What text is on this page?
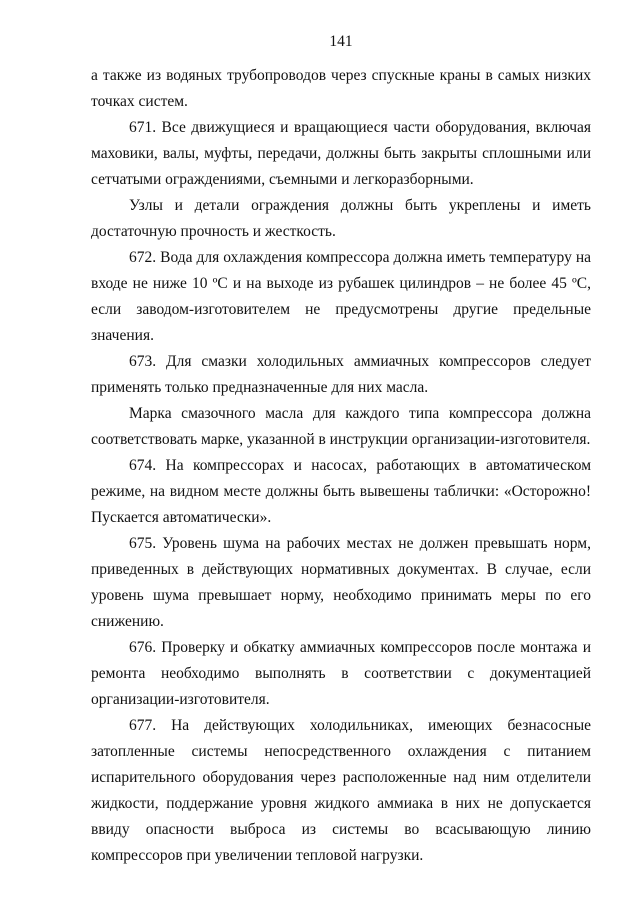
141

а также из водяных трубопроводов через спускные краны в самых низких точках систем.

671. Все движущиеся и вращающиеся части оборудования, включая маховики, валы, муфты, передачи, должны быть закрыты сплошными или сетчатыми ограждениями, съемными и легкоразборными.

Узлы и детали ограждения должны быть укреплены и иметь достаточную прочность и жесткость.

672. Вода для охлаждения компрессора должна иметь температуру на входе не ниже 10 ºС и на выходе из рубашек цилиндров – не более 45 ºС, если заводом-изготовителем не предусмотрены другие предельные значения.

673. Для смазки холодильных аммиачных компрессоров следует применять только предназначенные для них масла.

Марка смазочного масла для каждого типа компрессора должна соответствовать марке, указанной в инструкции организации-изготовителя.

674. На компрессорах и насосах, работающих в автоматическом режиме, на видном месте должны быть вывешены таблички: «Осторожно! Пускается автоматически».

675. Уровень шума на рабочих местах не должен превышать норм, приведенных в действующих нормативных документах. В случае, если уровень шума превышает норму, необходимо принимать меры по его снижению.

676. Проверку и обкатку аммиачных компрессоров после монтажа и ремонта необходимо выполнять в соответствии с документацией организации-изготовителя.

677. На действующих холодильниках, имеющих безнасосные затопленные системы непосредственного охлаждения с питанием испарительного оборудования через расположенные над ним отделители жидкости, поддержание уровня жидкого аммиака в них не допускается ввиду опасности выброса из системы во всасывающую линию компрессоров при увеличении тепловой нагрузки.
